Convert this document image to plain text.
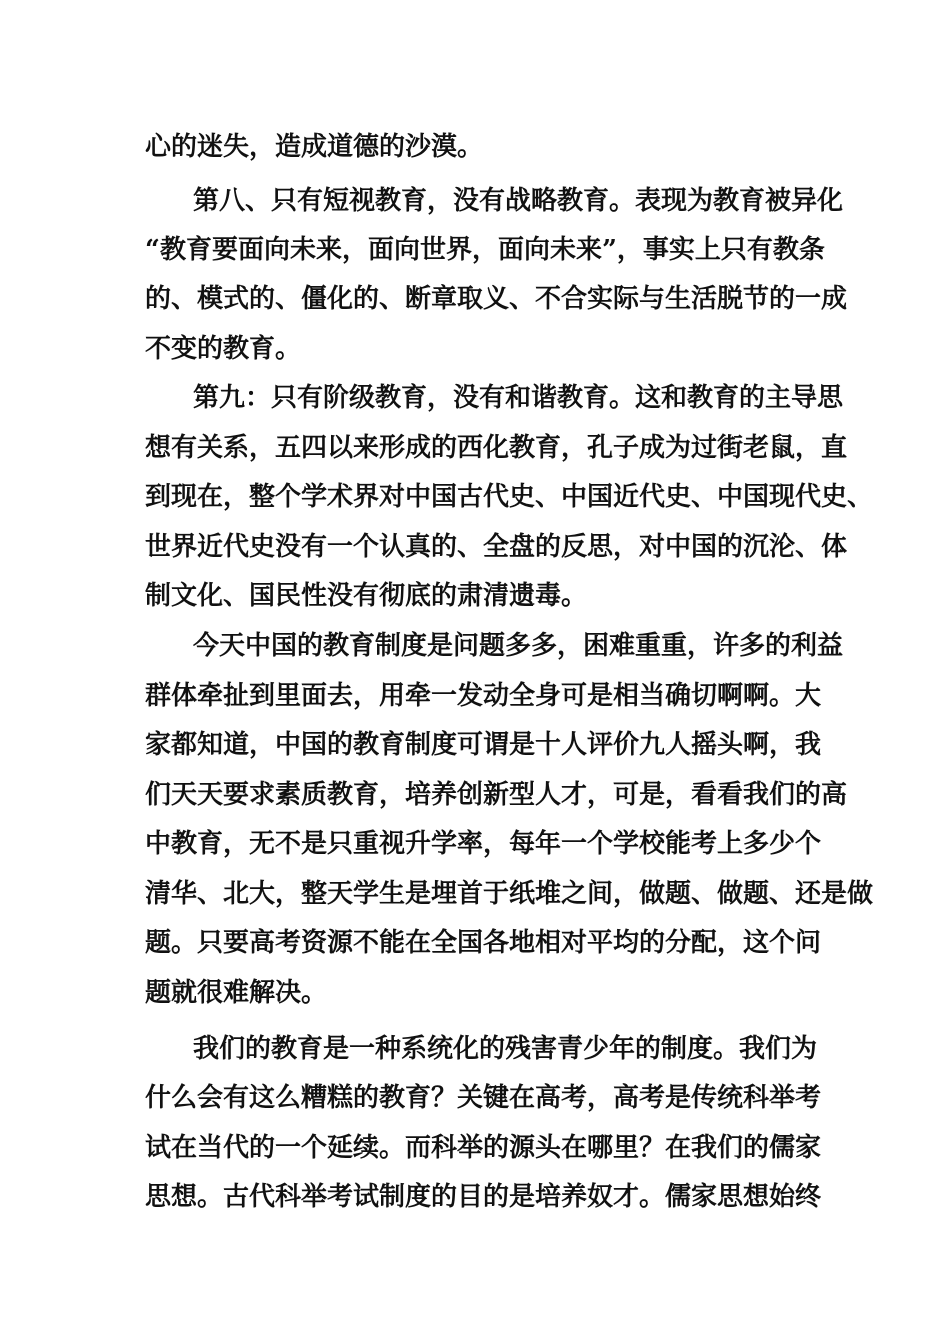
心的迷失，造成道德的沙漠。
第八、只有短视教育，没有战略教育。表现为教育被异化
“教育要面向未来，面向世界，面向未来”，事实上只有教条
的、模式的、僵化的、断章取义、不合实际与生活脱节的一成
不变的教育。
第九：只有阶级教育，没有和谐教育。这和教育的主导思
想有关系，五四以来形成的西化教育，孔子成为过街老鼠，直
到现在，整个学术界对中国古代史、中国近代史、中国现代史、
世界近代史没有一个认真的、全盘的反思，对中国的沉沦、体
制文化、国民性没有彻底的肃清遗毒。
今天中国的教育制度是问题多多，困难重重，许多的利益
群体牵扯到里面去，用牵一发动全身可是相当确切啊啊。大
家都知道，中国的教育制度可谓是十人评价九人摇头啊，我
们天天要求素质教育，培养创新型人才，可是，看看我们的高
中教育，无不是只重视升学率，每年一个学校能考上多少个
清华、北大，整天学生是埋首于纸堆之间，做题、做题、还是做
题。只要高考资源不能在全国各地相对平均的分配，这个问
题就很难解决。
我们的教育是一种系统化的残害青少年的制度。我们为
什么会有这么糟糕的教育？关键在高考，高考是传统科举考
试在当代的一个延续。而科举的源头在哪里？在我们的儒家
思想。古代科举考试制度的目的是培养奴才。儒家思想始终
